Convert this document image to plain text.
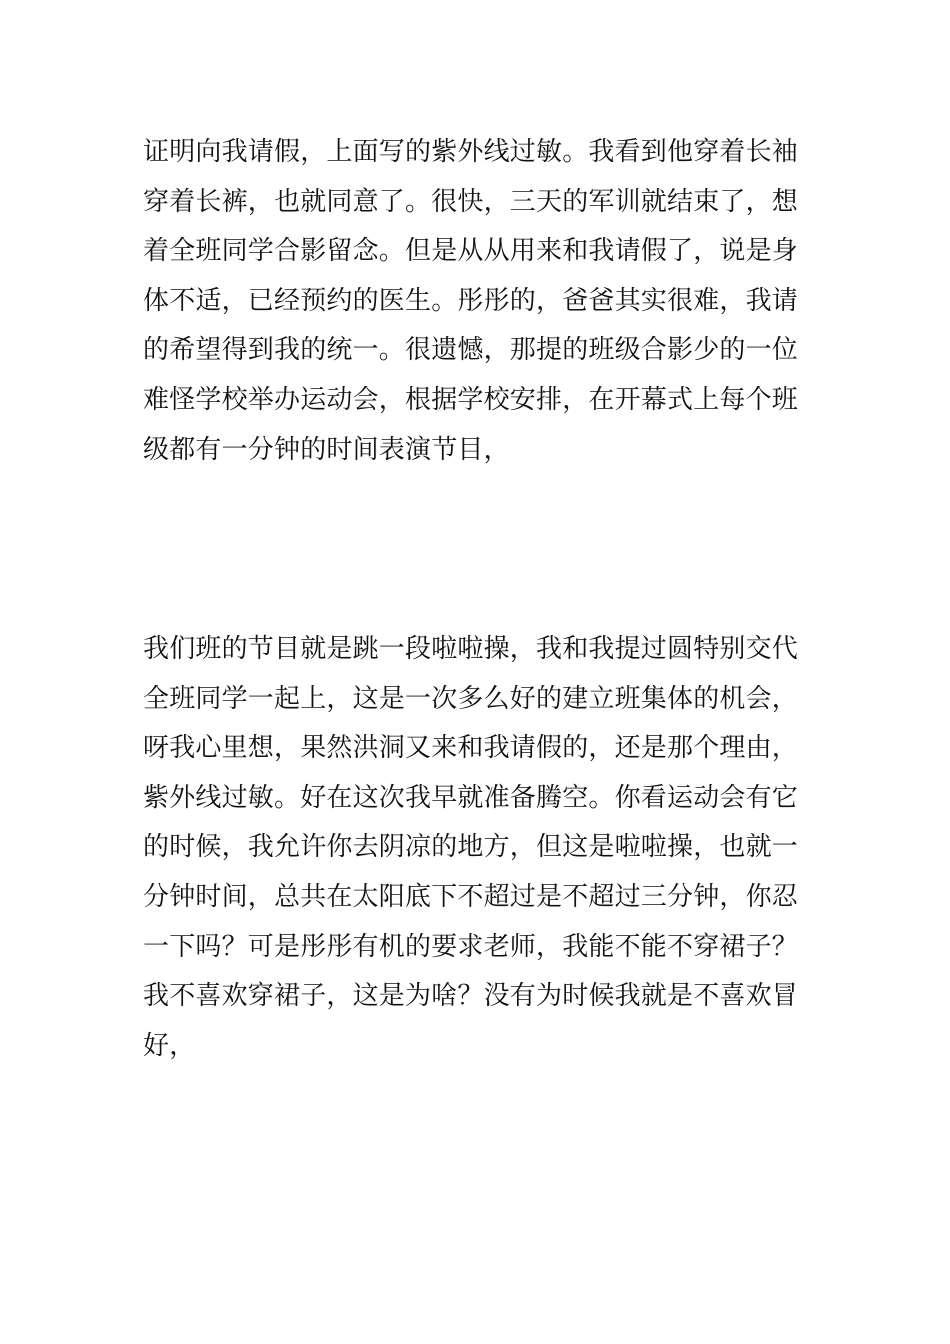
证明向我请假，上面写的紫外线过敏。我看到他穿着长袖
穿着长裤，也就同意了。很快，三天的军训就结束了，想
着全班同学合影留念。但是从从用来和我请假了，说是身
体不适，已经预约的医生。彤彤的，爸爸其实很难，我请
的希望得到我的统一。很遗憾，那提的班级合影少的一位
难怪学校举办运动会，根据学校安排，在开幕式上每个班
级都有一分钟的时间表演节目，
我们班的节目就是跳一段啦啦操，我和我提过圆特别交代
全班同学一起上，这是一次多么好的建立班集体的机会，
呀我心里想，果然洪洞又来和我请假的，还是那个理由，
紫外线过敏。好在这次我早就准备腾空。你看运动会有它
的时候，我允许你去阴凉的地方，但这是啦啦操，也就一
分钟时间，总共在太阳底下不超过是不超过三分钟，你忍
一下吗？可是彤彤有机的要求老师，我能不能不穿裙子？
我不喜欢穿裙子，这是为啥？没有为时候我就是不喜欢冒
好，
